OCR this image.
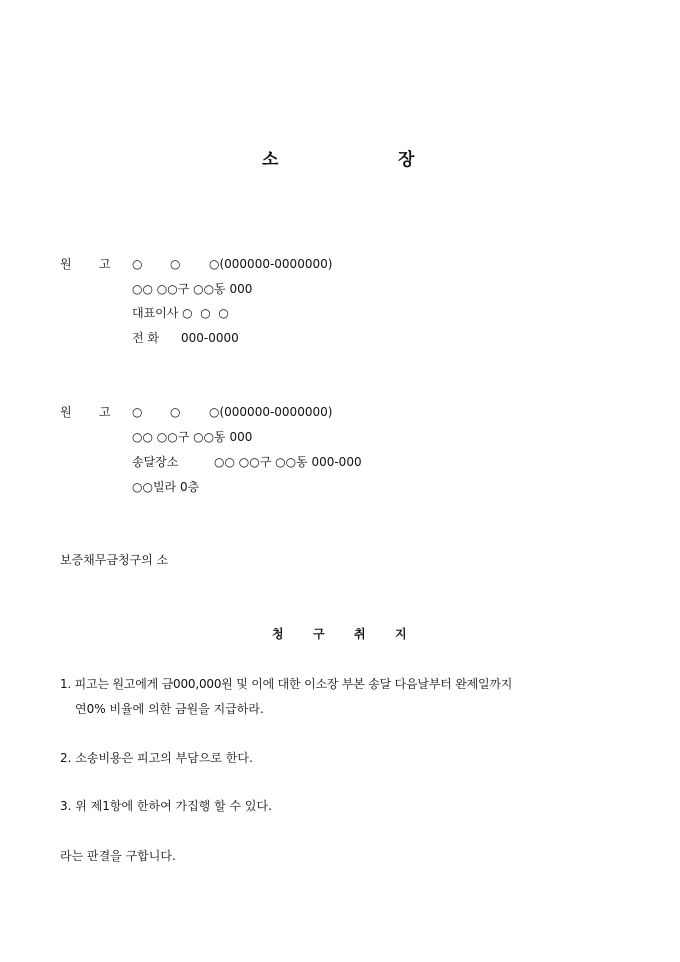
소	장
원 고 ○ ○ ○(000000-0000000)
○○ ○○구 ○○동 000
대표이사 ○  ○  ○
전 화 000-0000
원 고 ○ ○ ○(000000-0000000)
○○ ○○구 ○○동 000
송달장소	○○ ○○구 ○○동 000-000
○○빌라 0층
보증채무금청구의 소
청 구 취 지
1. 피고는 원고에게 금000,000원 및 이에 대한 이소장 부본 송달 다음날부터 완제일까지
연0% 비율에 의한 금원을 지급하라.
2. 소송비용은 피고의 부담으로 한다.
3. 위 제1항에 한하여 가집행 할 수 있다.
라는 판결을 구합니다.
